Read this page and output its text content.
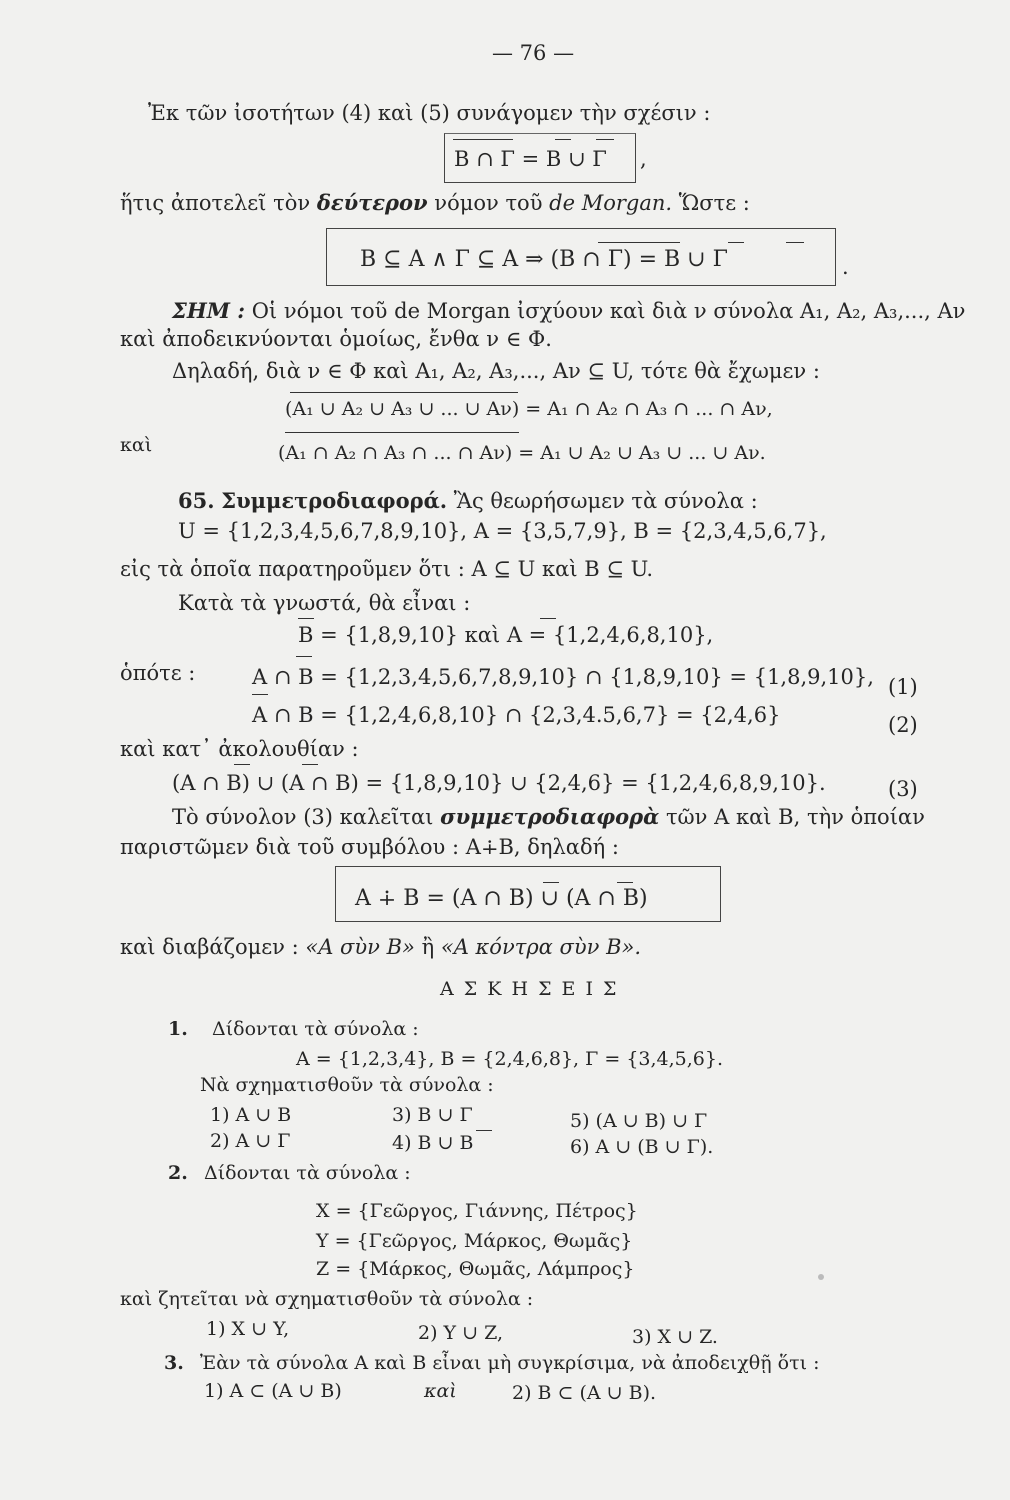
— 76 —
Ἐκ τῶν ἰσοτήτων (4) καὶ (5) συνάγομεν τὴν σχέσιν :
B ∩ Γ = B ∪ Γ ,
ἥτις ἀποτελεῖ τὸν δεύτερον νόμον τοῦ de Morgan. Ὥστε :
B ⊆ A ∧ Γ ⊆ A ⇒ (B ∩ Γ) = B ∪ Γ	.
ΣΗΜ : Οἱ νόμοι τοῦ de Morgan ἰσχύουν καὶ διὰ ν σύνολα A₁, A₂, A₃,..., Aν
καὶ ἀποδεικνύονται ὁμοίως, ἔνθα ν ∈ Φ.
Δηλαδή, διὰ ν ∈ Φ καὶ A₁, A₂, A₃,..., Aν ⊆ U, τότε θὰ ἔχωμεν :
(A₁ ∪ A₂ ∪ A₃ ∪ ... ∪ Aν) = A₁ ∩ A₂ ∩ A₃ ∩ ... ∩ Aν,
καὶ	(A₁ ∩ A₂ ∩ A₃ ∩ ... ∩ Aν) = A₁ ∪ A₂ ∪ A₃ ∪ ... ∪ Aν.
65. Συμμετροδιαφορά. Ἂς θεωρήσωμεν τὰ σύνολα :
U = {1,2,3,4,5,6,7,8,9,10}, A = {3,5,7,9}, B = {2,3,4,5,6,7},
εἰς τὰ ὁποῖα παρατηροῦμεν ὅτι : A ⊆ U καὶ B ⊆ U.
Κατὰ τὰ γνωστά, θὰ εἶναι :
B = {1,8,9,10} καὶ A = {1,2,4,6,8,10},
ὁπότε :	A ∩ B = {1,2,3,4,5,6,7,8,9,10} ∩ {1,8,9,10} = {1,8,9,10}, (1)
A ∩ B = {1,2,4,6,8,10} ∩ {2,3,4.5,6,7} = {2,4,6}	(2)
καὶ κατ᾽ ἀκολουθίαν :
(A ∩ B) ∪ (A ∩ B) = {1,8,9,10} ∪ {2,4,6} = {1,2,4,6,8,9,10}.	(3)
Τὸ σύνολον (3) καλεῖται συμμετροδιαφορὰ τῶν A καὶ B, τὴν ὁποίαν
παριστῶμεν διὰ τοῦ συμβόλου : A∔B, δηλαδή :
A ∔ B = (A ∩ B) ∪ (A ∩ B)
καὶ διαβάζομεν : «A σὺν B» ἢ «A κόντρα σὺν B».
Α Σ Κ Η Σ Ε Ι Σ
1. Δίδονται τὰ σύνολα :
A = {1,2,3,4}, B = {2,4,6,8}, Γ = {3,4,5,6}.
Νὰ σχηματισθοῦν τὰ σύνολα :
1) A ∪ B	3) B ∪ Γ	5) (A ∪ B) ∪ Γ
2) A ∪ Γ	4) B ∪ B	6) A ∪ (B ∪ Γ).
2. Δίδονται τὰ σύνολα :
X = {Γεῶργος, Γιάννης, Πέτρος}
Y = {Γεῶργος, Μάρκος, Θωμᾶς}
Z = {Μάρκος, Θωμᾶς, Λάμπρος}
καὶ ζητεῖται νὰ σχηματισθοῦν τὰ σύνολα :
1) X ∪ Y,	2) Y ∪ Z,	3) X ∪ Z.
3. Ἐὰν τὰ σύνολα A καὶ B εἶναι μὴ συγκρίσιμα, νὰ ἀποδειχθῇ ὅτι :
1) A ⊂ (A ∪ B)	καὶ	2) B ⊂ (A ∪ B).
